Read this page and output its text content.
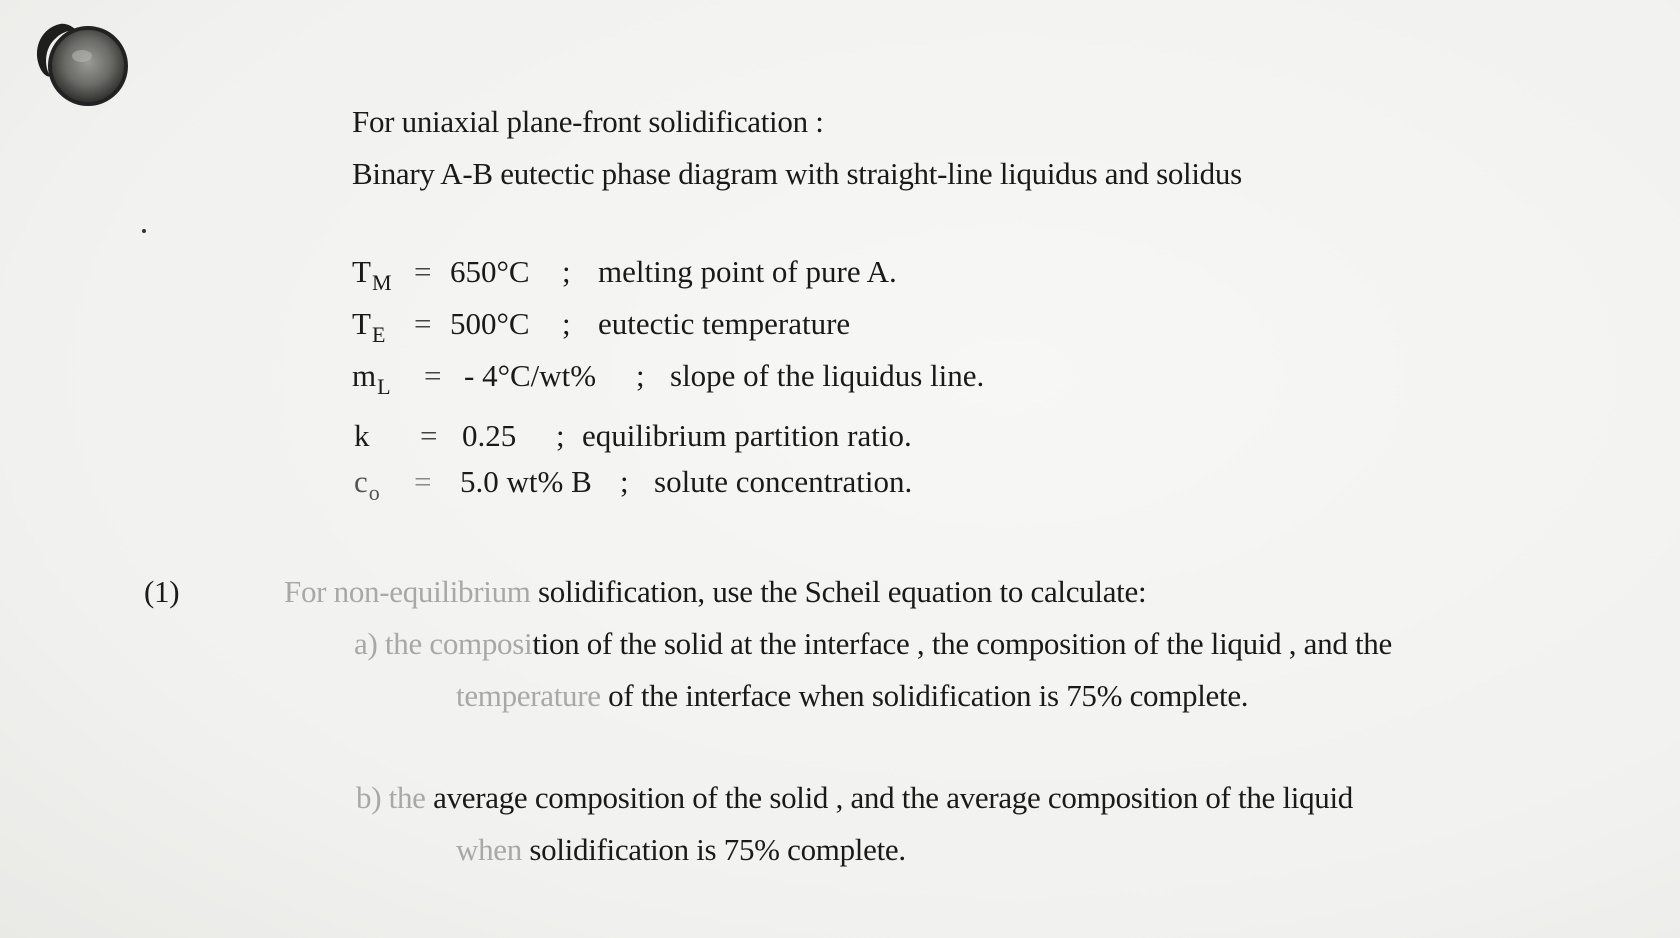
For uniaxial plane-front solidification :
Binary A-B eutectic phase diagram with straight-line liquidus and solidus
$T_M = 650^\circ C$ ; melting point of pure A.
$T_E = 500^\circ C$ ; eutectic temperature
$m_L$ = - 4°C/wt% ; slope of the liquidus line.
k = 0.25 ; equilibrium partition ratio.
$c_o = 5.0$ wt% B ; solute concentration.
(1)	For non-equilibrium solidification, use the Scheil equation to calculate:
a) the composition of the solid at the interface , the composition of the liquid , and the
temperature of the interface when solidification is 75% complete.
b) the average composition of the solid , and the average composition of the liquid
when solidification is 75% complete.
